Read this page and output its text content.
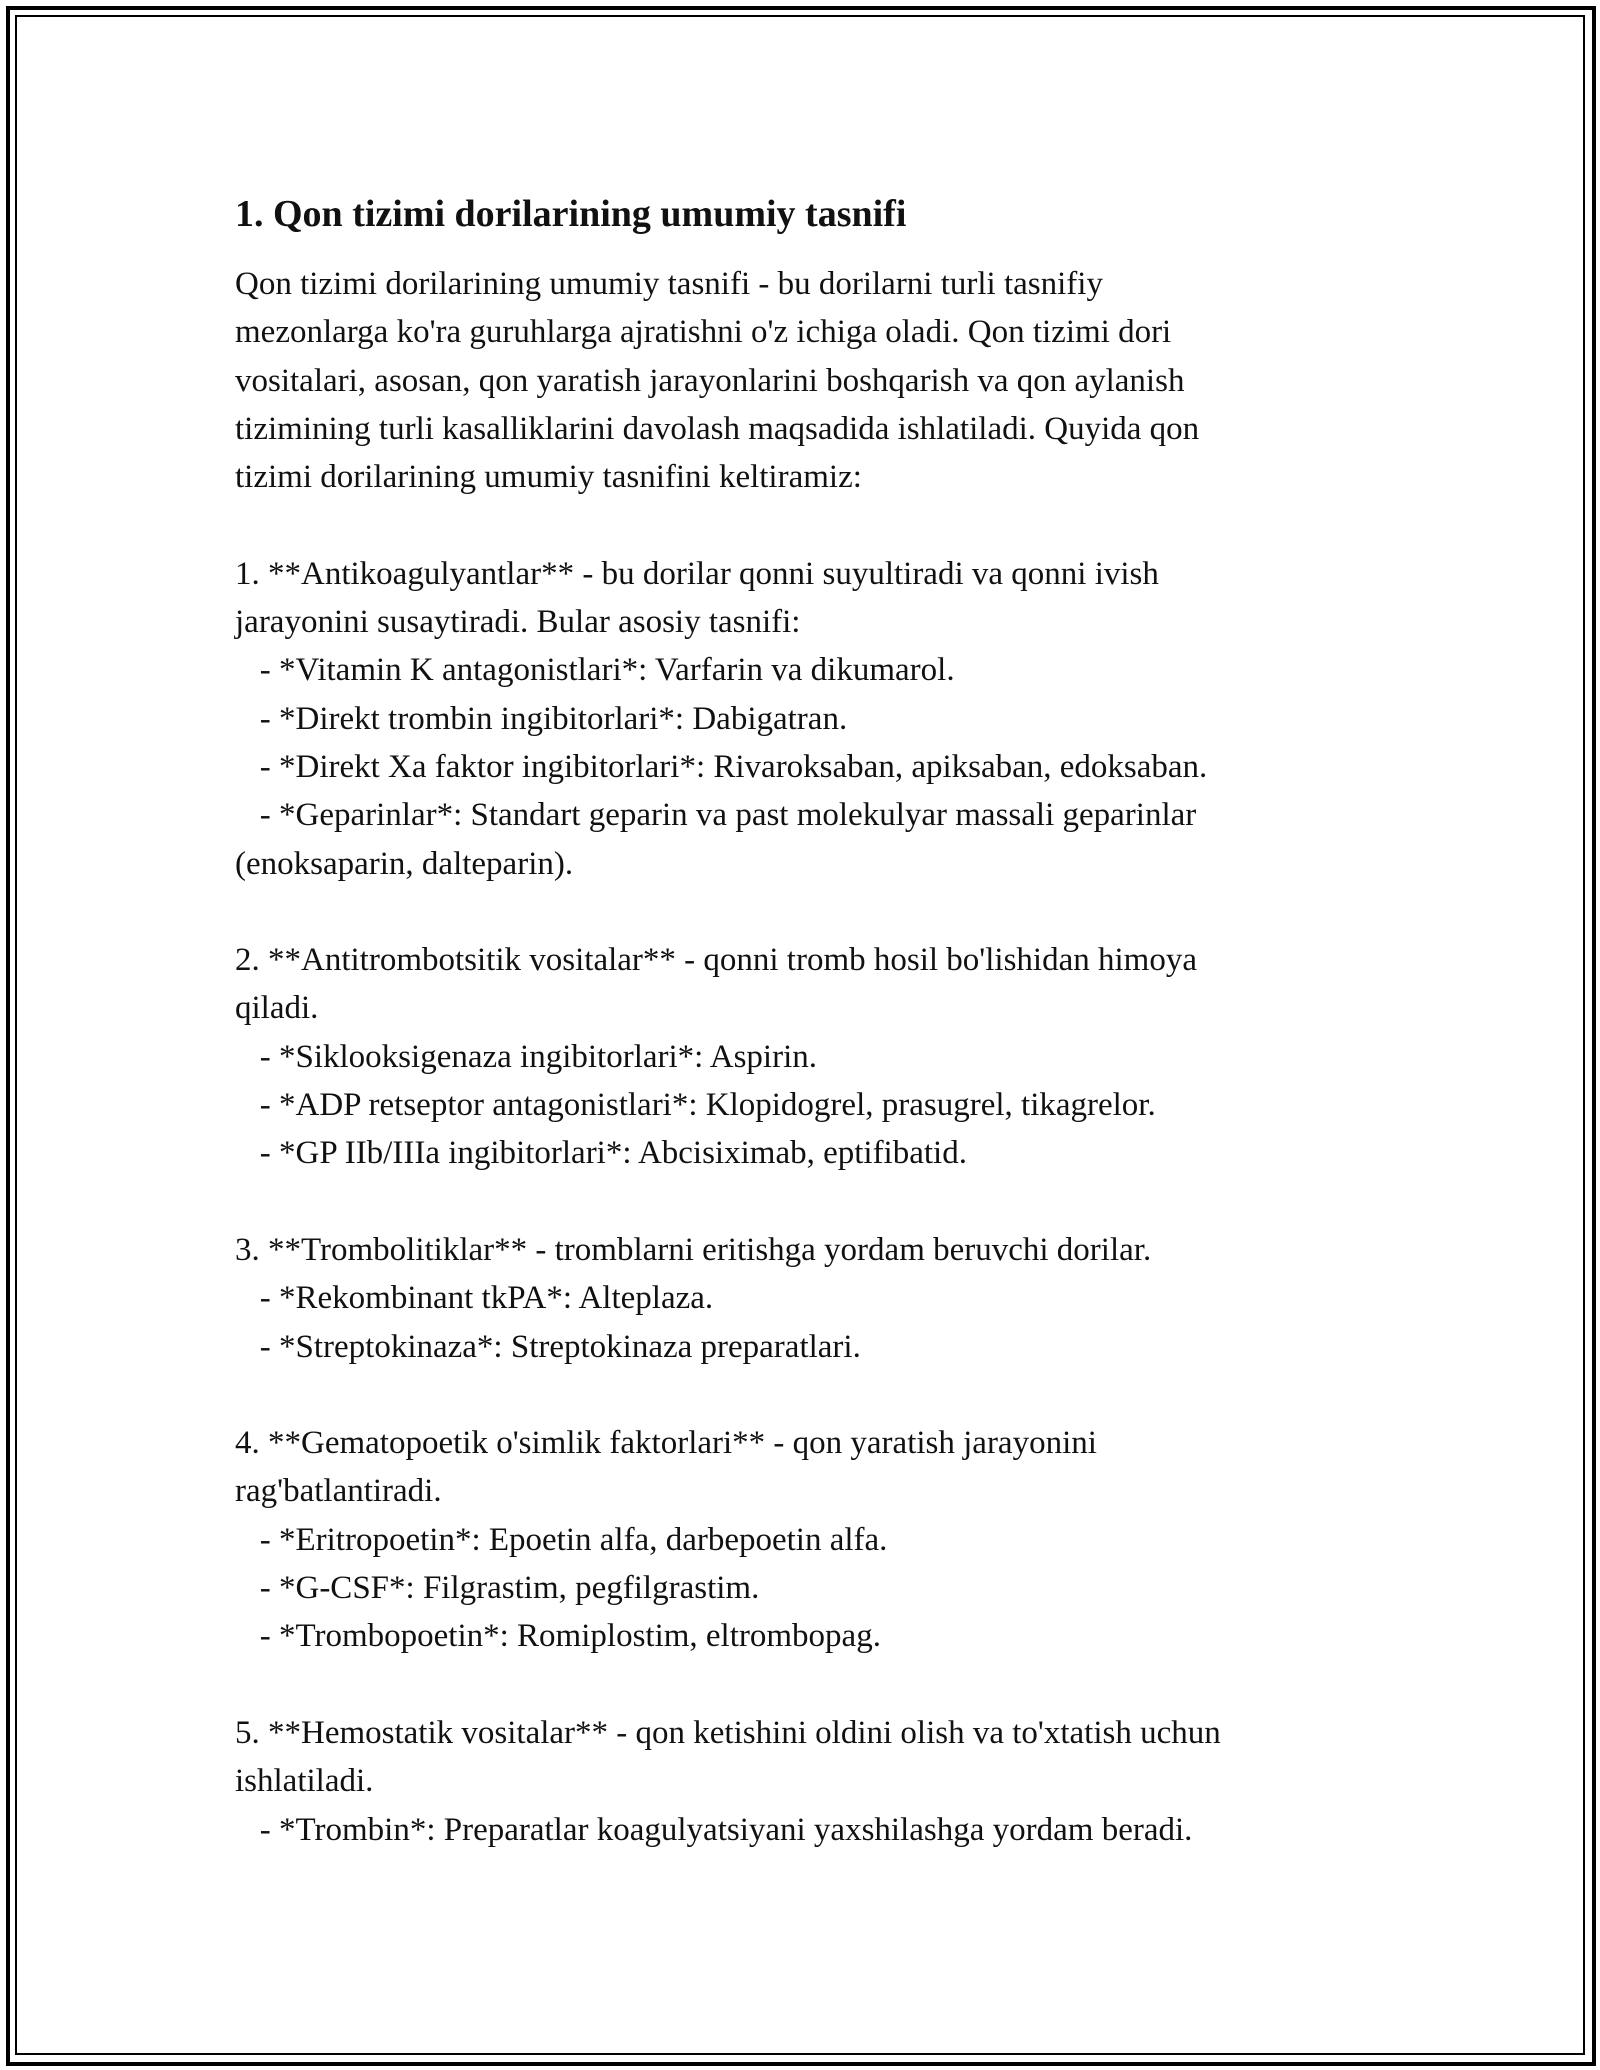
1. Qon tizimi dorilarining umumiy tasnifi
Qon tizimi dorilarining umumiy tasnifi - bu dorilarni turli tasnifiy
mezonlarga ko'ra guruhlarga ajratishni o'z ichiga oladi. Qon tizimi dori
vositalari, asosan, qon yaratish jarayonlarini boshqarish va qon aylanish
tizimining turli kasalliklarini davolash maqsadida ishlatiladi. Quyida qon
tizimi dorilarining umumiy tasnifini keltiramiz:
1. **Antikoagulyantlar** - bu dorilar qonni suyultiradi va qonni ivish
jarayonini susaytiradi. Bular asosiy tasnifi:
- *Vitamin K antagonistlari*: Varfarin va dikumarol.
- *Direkt trombin ingibitorlari*: Dabigatran.
- *Direkt Xa faktor ingibitorlari*: Rivaroksaban, apiksaban, edoksaban.
- *Geparinlar*: Standart geparin va past molekulyar massali geparinlar
(enoksaparin, dalteparin).
2. **Antitrombotsitik vositalar** - qonni tromb hosil bo'lishidan himoya
qiladi.
- *Siklooksigenaza ingibitorlari*: Aspirin.
- *ADP retseptor antagonistlari*: Klopidogrel, prasugrel, tikagrelor.
- *GP IIb/IIIa ingibitorlari*: Abcisiximab, eptifibatid.
3. **Trombolitiklar** - tromblarni eritishga yordam beruvchi dorilar.
- *Rekombinant tkPA*: Alteplaza.
- *Streptokinaza*: Streptokinaza preparatlari.
4. **Gematopoetik o'simlik faktorlari** - qon yaratish jarayonini
rag'batlantiradi.
- *Eritropoetin*: Epoetin alfa, darbepoetin alfa.
- *G-CSF*: Filgrastim, pegfilgrastim.
- *Trombopoetin*: Romiplostim, eltrombopag.
5. **Hemostatik vositalar** - qon ketishini oldini olish va to'xtatish uchun
ishlatiladi.
- *Trombin*: Preparatlar koagulyatsiyani yaxshilashga yordam beradi.
